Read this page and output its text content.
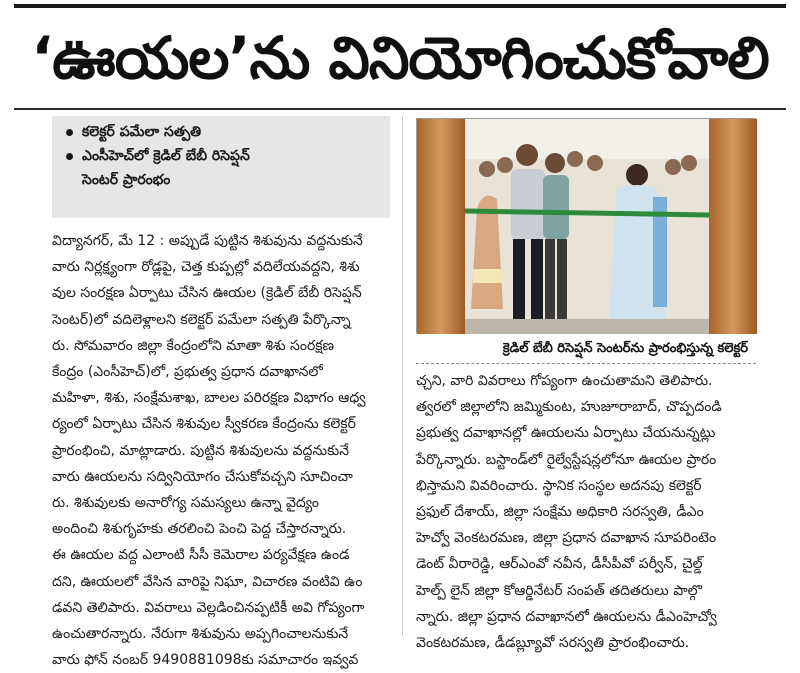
‘ఊయల’ను వినియోగించుకోవాలి
కలెక్టర్ పమేలా సత్పతి
ఎంసీహెచ్‌లో క్రెడిల్ బేబీ రిసెప్షన్
సెంటర్ ప్రారంభం
క్రెడిల్ బేబీ రిసెప్షన్ సెంటర్‌ను ప్రారంభిస్తున్న కలెక్టర్
విద్యానగర్, మే 12 : అప్పుడే పుట్టిన శిశువును వద్దనుకునే
వారు నిర్లక్ష్యంగా రోడ్లపై, చెత్త కుప్పల్లో వదిలేయవద్దని, శిశు
వుల సంరక్షణ ఏర్పాటు చేసిన ఊయల (క్రెడిల్ బేబీ రిసెప్షన్
సెంటర్)లో వదిలెళ్లాలని కలెక్టర్ పమేలా సత్పతి పేర్కొన్నా
రు. సోమవారం జిల్లా కేంద్రంలోని మాతా శిశు సంరక్షణ
కేంద్రం (ఎంసీహెచ్)లో, ప్రభుత్వ ప్రధాన దవాఖానలో
మహిళా, శిశు, సంక్షేమశాఖ, బాలల పరిరక్షణ విభాగం ఆధ్వ
ర్యంలో ఏర్పాటు చేసిన శిశువుల స్వీకరణ కేంద్రంను కలెక్టర్
ప్రారంభించి, మాట్లాడారు. పుట్టిన శిశువులను వద్దనుకునే
వారు ఊయలను సద్వినియోగం చేసుకోవచ్చని సూచించా
రు. శిశువులకు అనారోగ్య సమస్యలు ఉన్నా వైద్యం
అందించి శిశుగృహకు తరలించి పెంచి పెద్ద చేస్తారన్నారు.
ఈ ఊయల వద్ద ఎలాంటి సీసీ కెమెరాల పర్యవేక్షణ ఉండ
దని, ఊయలలో వేసిన వారిపై నిఘా, విచారణ వంటివి ఉం
డవని తెలిపారు. వివరాలు వెల్లడించినప్పటికీ అవి గోప్యంగా
ఉంచుతారన్నారు. నేరుగా శిశువును అప్పగించాలనుకునే
వారు ఫోన్ నంబర్ 9490881098కు సమాచారం ఇవ్వవ
చ్చని, వారి వివరాలు గోప్యంగా ఉంచుతామని తెలిపారు.
త్వరలో జిల్లాలోని జమ్మికుంట, హుజూరాబాద్, చొప్పదండి
ప్రభుత్వ దవాఖానల్లో ఊయలను ఏర్పాటు చేయనున్నట్లు
పేర్కొన్నారు. బస్టాండ్‌లో రైల్వేస్టేషన్లలోనూ ఊయల ప్రారం
భిస్తామని వివరించారు. స్థానిక సంస్థల అదనపు కలెక్టర్
ప్రఫుల్ దేశాయ్, జిల్లా సంక్షేమ అధికారి సరస్వతి, డీఎం
హెచ్వో వెంకటరమణ, జిల్లా ప్రధాన దవాఖాన సూపరింటెం
డెంట్ వీరారెడ్డి, ఆర్ఎంవో నవీన, డీసీపీవో పర్వీన్, చైల్డ్
హెల్ప్ లైన్ జిల్లా కోఆర్డినేటర్ సంపత్ తదితరులు పాల్గొ
న్నారు. జిల్లా ప్రధాన దవాఖానలో ఊయలను డీఎంహెచ్వో
వెంకటరమణ, డీడబ్ల్యూవో సరస్వతి ప్రారంభించారు.
